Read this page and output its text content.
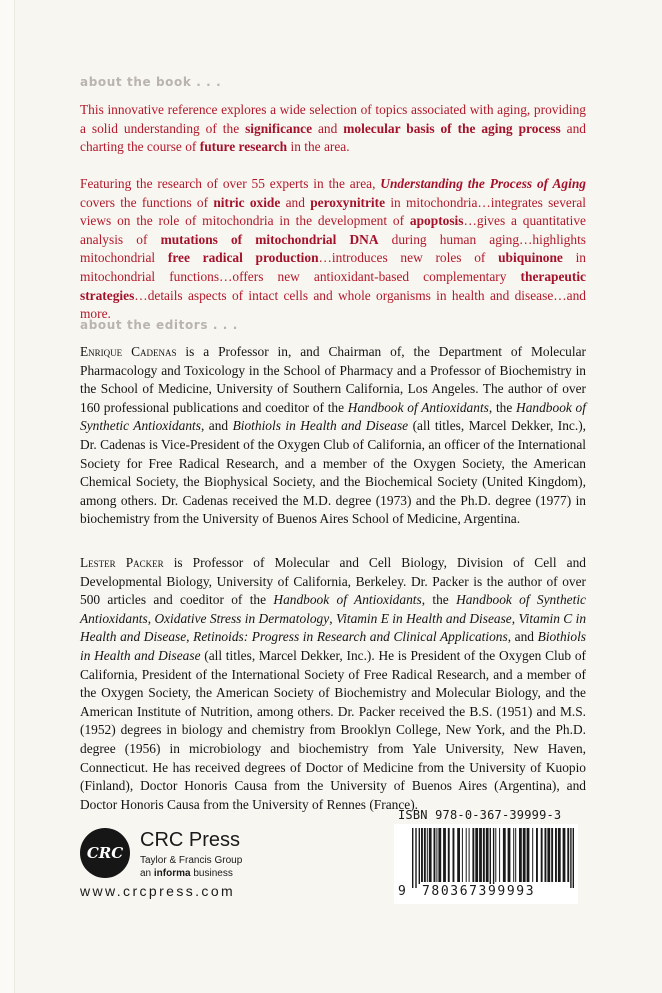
about the book . . .

This innovative reference explores a wide selection of topics associated with aging, providing a solid understanding of the significance and molecular basis of the aging process and charting the course of future research in the area.

Featuring the research of over 55 experts in the area, Understanding the Process of Aging covers the functions of nitric oxide and peroxynitrite in mitochondria…integrates several views on the role of mitochondria in the development of apoptosis…gives a quantitative analysis of mutations of mitochondrial DNA during human aging…highlights mitochondrial free radical production…introduces new roles of ubiquinone in mitochondrial functions…offers new antioxidant-based complementary therapeutic strategies…details aspects of intact cells and whole organisms in health and disease…and more.

about the editors . . .

Enrique Cadenas is a Professor in, and Chairman of, the Department of Molecular Pharmacology and Toxicology in the School of Pharmacy and a Professor of Biochemistry in the School of Medicine, University of Southern California, Los Angeles. The author of over 160 professional publications and coeditor of the Handbook of Antioxidants, the Handbook of Synthetic Antioxidants, and Biothiols in Health and Disease (all titles, Marcel Dekker, Inc.), Dr. Cadenas is Vice-President of the Oxygen Club of California, an officer of the International Society for Free Radical Research, and a member of the Oxygen Society, the American Chemical Society, the Biophysical Society, and the Biochemical Society (United Kingdom), among others. Dr. Cadenas received the M.D. degree (1973) and the Ph.D. degree (1977) in biochemistry from the University of Buenos Aires School of Medicine, Argentina.

Lester Packer is Professor of Molecular and Cell Biology, Division of Cell and Developmental Biology, University of California, Berkeley. Dr. Packer is the author of over 500 articles and coeditor of the Handbook of Antioxidants, the Handbook of Synthetic Antioxidants, Oxidative Stress in Dermatology, Vitamin E in Health and Disease, Vitamin C in Health and Disease, Retinoids: Progress in Research and Clinical Applications, and Biothiols in Health and Disease (all titles, Marcel Dekker, Inc.). He is President of the Oxygen Club of California, President of the International Society of Free Radical Research, and a member of the Oxygen Society, the American Society of Biochemistry and Molecular Biology, and the American Institute of Nutrition, among others. Dr. Packer received the B.S. (1951) and M.S. (1952) degrees in biology and chemistry from Brooklyn College, New York, and the Ph.D. degree (1956) in microbiology and biochemistry from Yale University, New Haven, Connecticut. He has received degrees of Doctor of Medicine from the University of Kuopio (Finland), Doctor Honoris Causa from the University of Buenos Aires (Argentina), and Doctor Honoris Causa from the University of Rennes (France).

CRC
CRC Press
Taylor & Francis Group
an informa business
www.crcpress.com
ISBN 978-0-367-39999-3
9	780367399993
